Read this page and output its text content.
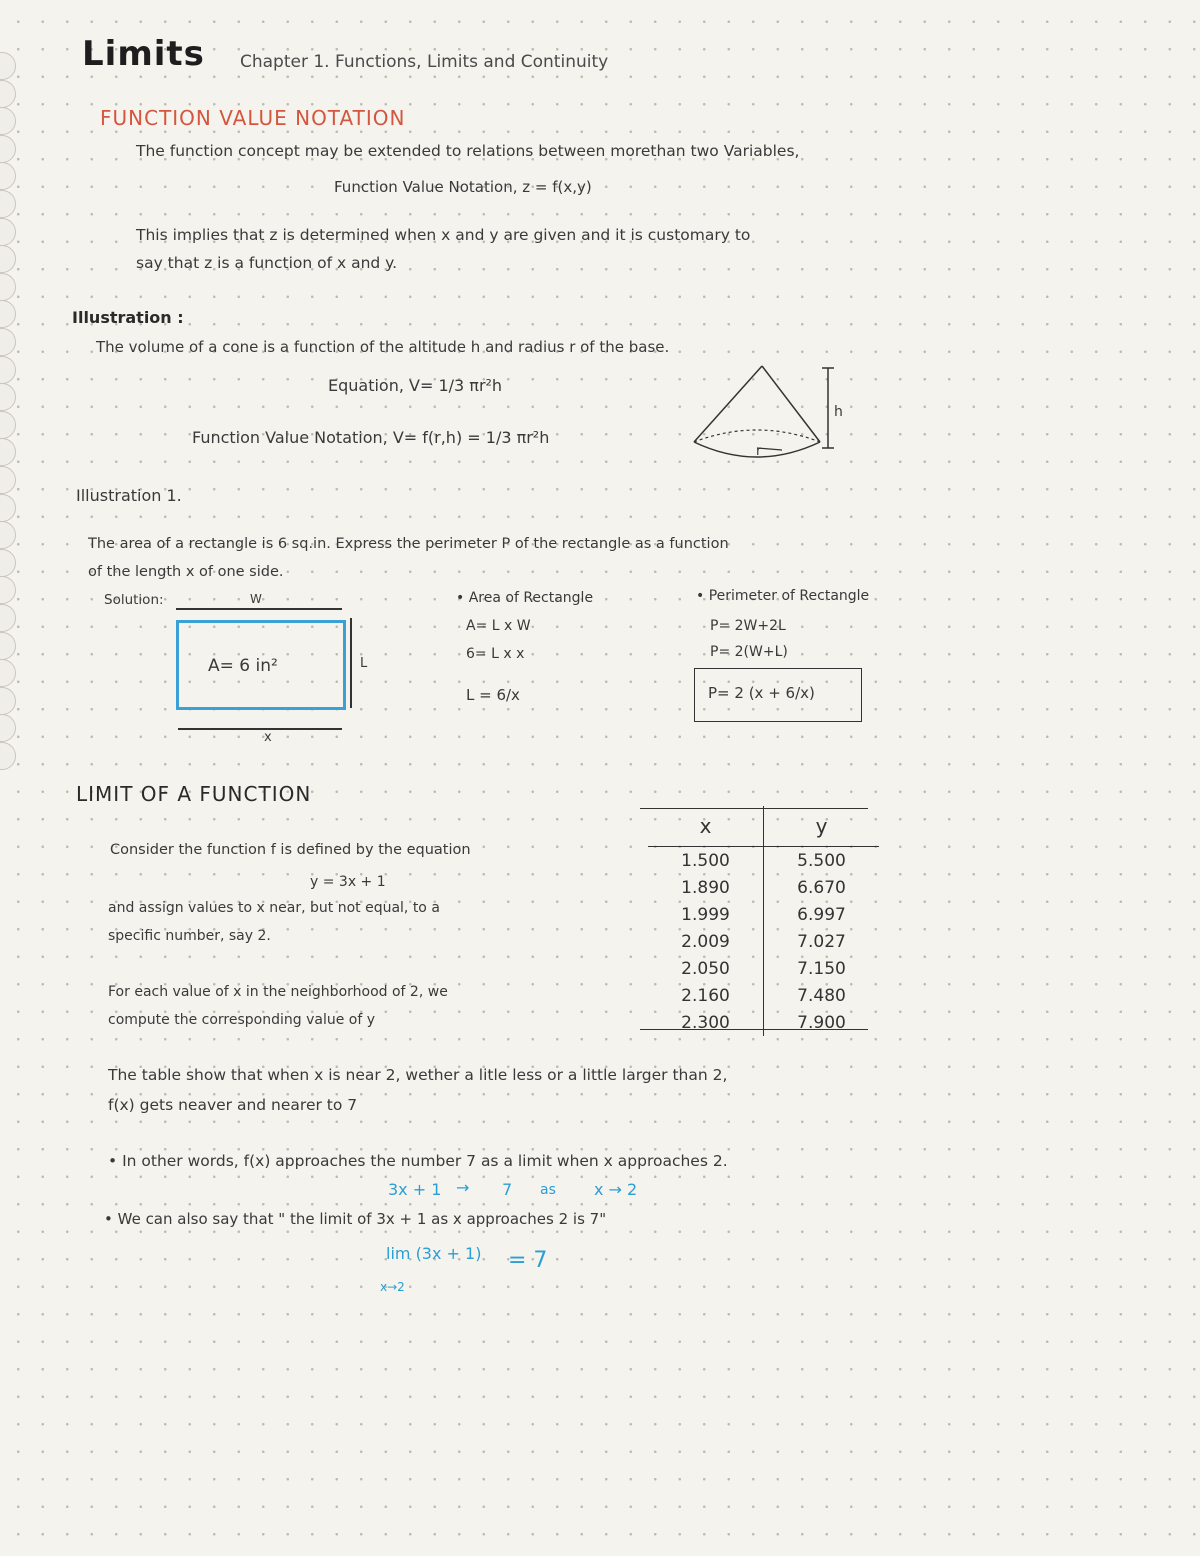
Limits Chapter 1. Functions, Limits and Continuity
FUNCTION VALUE NOTATION
The function concept may be extended to relations between morethan two Variables,
Function Value Notation, z = f(x,y)
This implies that z is determined when x and y are given and it is customary to
say that z is a function of x and y.
Illustration :
The volume of a cone is a function of the altitude h and radius r of the base.
Equation, V= 1/3 πr²h
Function Value Notation, V= f(r,h) = 1/3 πr²h
h
r
Illustration 1.
The area of a rectangle is 6 sq.in. Express the perimeter P of the rectangle as a function
of the length x of one side.
Solution:	W
A= 6 in²	L
x
• Area of Rectangle
A= L x W
6= L x x
L = 6/x
• Perimeter of Rectangle
P= 2W+2L
P= 2(W+L)
P= 2 (x + 6/x)
LIMIT OF A FUNCTION
Consider the function f is defined by the equation
y = 3x + 1
and assign values to x near, but not equal, to a
specific number, say 2.
For each value of x in the neighborhood of 2, we
compute the corresponding value of y
x	y
1.500	5.500
1.890	6.670
1.999	6.997
2.009	7.027
2.050	7.150
2.160	7.480
2.300	7.900
The table show that when x is near 2, wether a litle less or a little larger than 2,
f(x) gets neaver and nearer to 7
• In other words, f(x) approaches the number 7 as a limit when x approaches 2.
3x + 1 → 7 as x → 2
• We can also say that " the limit of 3x + 1 as x approaches 2 is 7"
lim (3x + 1) = 7
x→2
